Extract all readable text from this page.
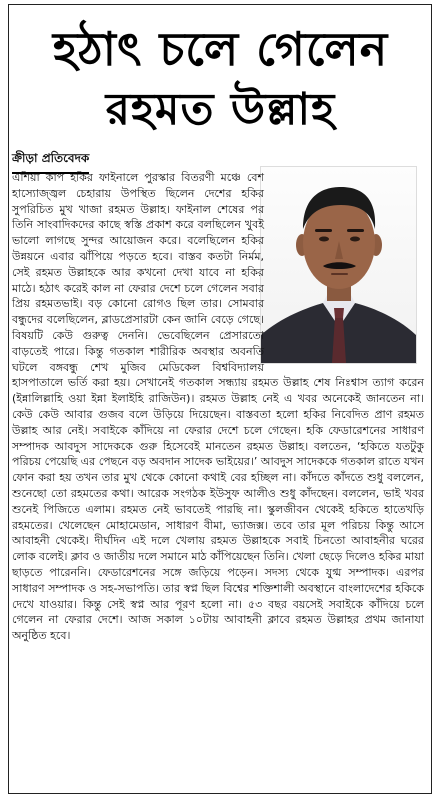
হঠাৎ চলে গেলেন
রহমত উল্লাহ
ক্রীড়া প্রতিবেদক
এশিয়া কাপ হকির ফাইনালে পুরস্কার বিতরণী মঞ্চে বেশ হাস্যোজ্জ্বল চেহারায় উপস্থিত ছিলেন দেশের হকির সুপরিচিত মুখ খাজা রহমত উল্লাহ। ফাইনাল শেষের পর তিনি সাংবাদিকদের কাছে স্বস্তি প্রকাশ করে বলছিলেন খুবই ভালো লাগছে সুন্দর আয়োজন করে। বলেছিলেন হকির উন্নয়নে এবার ঝাঁপিয়ে পড়তে হবে। বাস্তব কতটা নির্মম, সেই রহমত উল্লাহকে আর কখনো দেখা যাবে না হকির মাঠে। হঠাৎ করেই কাল না ফেরার দেশে চলে গেলেন সবার প্রিয় রহমতভাই। বড় কোনো রোগও ছিল তার। সোমবার বন্ধুদের বলেছিলেন, ব্লাডপ্রেসারটা কেন জানি বেড়ে গেছে। বিষয়টি কেউ গুরুত্ব দেননি। ভেবেছিলেন প্রেসারতো বাড়তেই পারে। কিন্তু গতকাল শারীরিক অবস্থার অবনতি ঘটলে বঙ্গবন্ধু শেখ মুজিব মেডিকেল বিশ্ববিদ্যালয় হাসপাতালে ভর্তি করা হয়। সেখানেই গতকাল সন্ধ্যায় রহমত উল্লাহ শেষ নিঃশ্বাস ত্যাগ করেন (ইন্নালিল্লাহি ওয়া ইন্না ইলাইহি রাজিউন)। রহমত উল্লাহ নেই এ খবর অনেকেই জানতেন না। কেউ কেউ আবার গুজব বলে উড়িয়ে দিয়েছেন। বাস্তবতা হলো হকির নিবেদিত প্রাণ রহমত উল্লাহ আর নেই। সবাইকে কাঁদিয়ে না ফেরার দেশে চলে গেছেন। হকি ফেডারেশনের সাধারণ সম্পাদক আবদুস সাদেককে গুরু হিসেবেই মানতেন রহমত উল্লাহ। বলতেন, ‘হকিতে যতটুকু পরিচয় পেয়েছি এর পেছনে বড় অবদান সাদেক ভাইয়ের।’ আবদুস সাদেককে গতকাল রাতে যখন ফোন করা হয় তখন তার মুখ থেকে কোনো কথাই বের হচ্ছিল না। কাঁদতে কাঁদতে শুধু বললেন, শুনেছো তো রহমতের কথা। আরেক সংগঠক ইউসুফ আলীও শুধু কাঁদছেন। বললেন, ভাই খবর শুনেই পিজিতে এলাম। রহমত নেই ভাবতেই পারছি না। স্কুলজীবন থেকেই হকিতে হাতেখড়ি রহমতের। খেলেছেন মোহামেডান, সাধারণ বীমা, ভ্যাজক্স। তবে তার মূল পরিচয় কিন্তু আসে আবাহনী থেকেই। দীর্ঘদিন এই দলে খেলায় রহমত উল্লাহকে সবাই চিনতো আবাহনীর ঘরের লোক বলেই। ক্লাব ও জাতীয় দলে সমানে মাঠ কাঁপিয়েছেন তিনি। খেলা ছেড়ে দিলেও হকির মায়া ছাড়তে পারেননি। ফেডারেশনের সঙ্গে জড়িয়ে পড়েন। সদস্য থেকে যুগ্ম সম্পাদক। এরপর সাধারণ সম্পাদক ও সহ-সভাপতি। তার স্বপ্ন ছিল বিশ্বের শক্তিশালী অবস্থানে বাংলাদেশের হকিকে দেখে যাওয়ার। কিন্তু সেই স্বপ্ন আর পূরণ হলো না। ৫৩ বছর বয়সেই সবাইকে কাঁদিয়ে চলে গেলেন না ফেরার দেশে। আজ সকাল ১০টায় আবাহনী ক্লাবে রহমত উল্লাহর প্রথম জানাযা অনুষ্ঠিত হবে।
